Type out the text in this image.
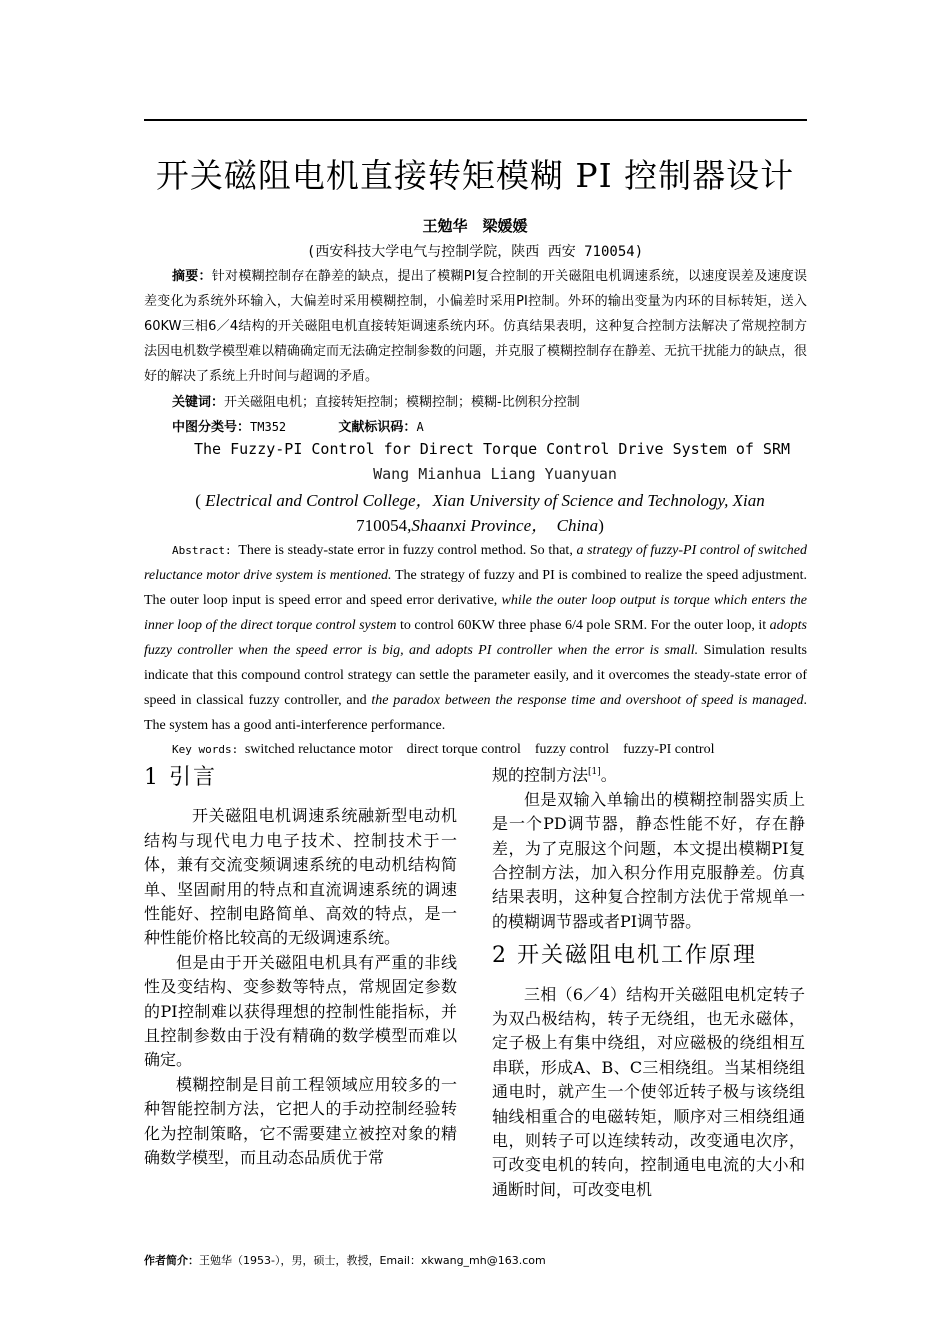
开关磁阻电机直接转矩模糊 PI 控制器设计
王勉华　梁媛媛
(西安科技大学电气与控制学院，陕西 西安 710054)
摘要：针对模糊控制存在静差的缺点，提出了模糊PI复合控制的开关磁阻电机调速系统，以速度误差及速度误差变化为系统外环输入，大偏差时采用模糊控制，小偏差时采用PI控制。外环的输出变量为内环的目标转矩，送入60KW三相6／4结构的开关磁阻电机直接转矩调速系统内环。仿真结果表明，这种复合控制方法解决了常规控制方法因电机数学模型难以精确确定而无法确定控制参数的问题，并克服了模糊控制存在静差、无抗干扰能力的缺点，很好的解决了系统上升时间与超调的矛盾。
关键词：开关磁阻电机；直接转矩控制；模糊控制；模糊-比例积分控制
中图分类号：TM352	文献标识码：A
The Fuzzy-PI Control for Direct Torque Control Drive System of SRM
Wang Mianhua Liang Yuanyuan
( Electrical and Control College，Xian University of Science and Technology, Xian
710054,Shaanxi Province，　China)
Abstract: There is steady-state error in fuzzy control method. So that, a strategy of fuzzy-PI control of switched reluctance motor drive system is mentioned. The strategy of fuzzy and PI is combined to realize the speed adjustment. The outer loop input is speed error and speed error derivative, while the outer loop output is torque which enters the inner loop of the direct torque control system to control 60KW three phase 6/4 pole SRM. For the outer loop, it adopts fuzzy controller when the speed error is big, and adopts PI controller when the error is small. Simulation results indicate that this compound control strategy can settle the parameter easily, and it overcomes the steady-state error of speed in classical fuzzy controller, and the paradox between the response time and overshoot of speed is managed. The system has a good anti-interference performance.
Key words: switched reluctance motor　direct torque control　fuzzy control　fuzzy-PI control
1 引言

开关磁阻电机调速系统融新型电动机结构与现代电力电子技术、控制技术于一体，兼有交流变频调速系统的电动机结构简单、坚固耐用的特点和直流调速系统的调速性能好、控制电路简单、高效的特点，是一种性能价格比较高的无级调速系统。

但是由于开关磁阻电机具有严重的非线性及变结构、变参数等特点，常规固定参数的PI控制难以获得理想的控制性能指标，并且控制参数由于没有精确的数学模型而难以确定。

模糊控制是目前工程领域应用较多的一种智能控制方法，它把人的手动控制经验转化为控制策略，它不需要建立被控对象的精确数学模型，而且动态品质优于常

规的控制方法[1]。

但是双输入单输出的模糊控制器实质上是一个PD调节器，静态性能不好，存在静差，为了克服这个问题，本文提出模糊PI复合控制方法，加入积分作用克服静差。仿真结果表明，这种复合控制方法优于常规单一的模糊调节器或者PI调节器。

2 开关磁阻电机工作原理

三相（6／4）结构开关磁阻电机定转子为双凸极结构，转子无绕组，也无永磁体，定子极上有集中绕组，对应磁极的绕组相互串联，形成A、B、C三相绕组。当某相绕组通电时，就产生一个使邻近转子极与该绕组轴线相重合的电磁转矩，顺序对三相绕组通电，则转子可以连续转动，改变通电次序，可改变电机的转向，控制通电电流的大小和通断时间，可改变电机

作者简介：王勉华（1953-），男，硕士，教授，Email：xkwang_mh@163.com
